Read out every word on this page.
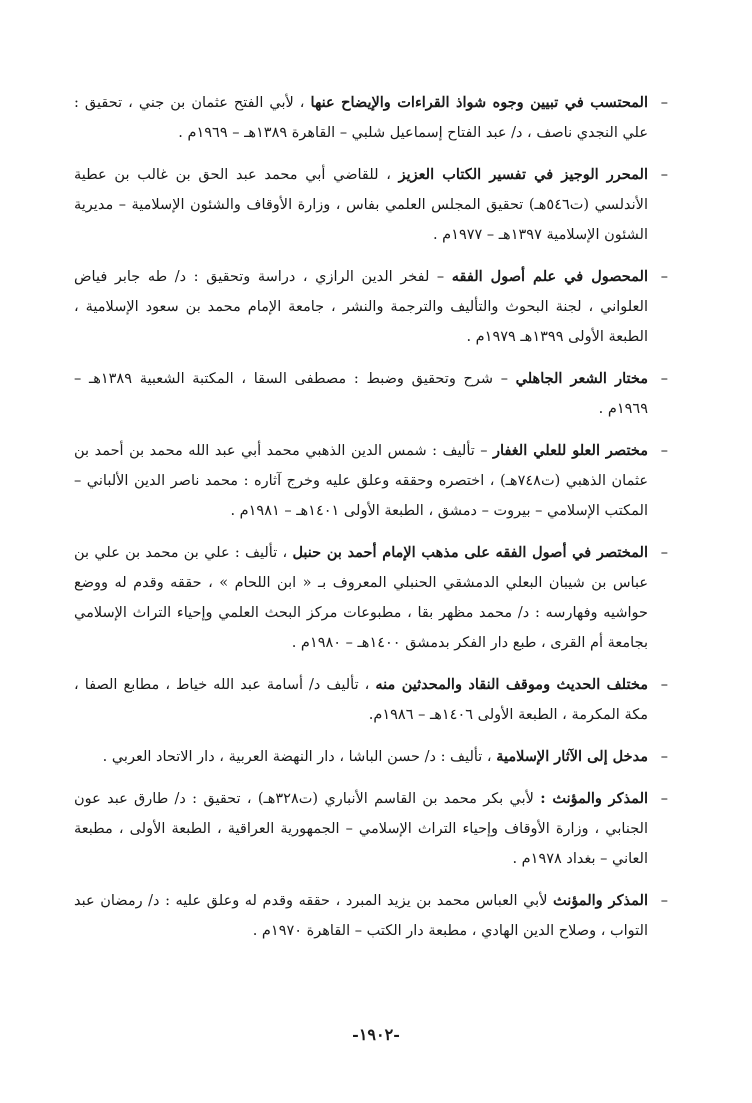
– المحتسب في تبيين وجوه شواذ القراءات والإيضاح عنها ، لأبي الفتح عثمان بن جني ، تحقيق : علي النجدي ناصف ، د/ عبد الفتاح إسماعيل شلبي – القاهرة ١٣٨٩هـ – ١٩٦٩م .
– المحرر الوجيز في تفسير الكتاب العزيز ، للقاضي أبي محمد عبد الحق بن غالب بن عطية الأندلسي (ت٥٤٦هـ) تحقيق المجلس العلمي بفاس ، وزارة الأوقاف والشئون الإسلامية – مديرية الشئون الإسلامية ١٣٩٧هـ – ١٩٧٧م .
– المحصول في علم أصول الفقه – لفخر الدين الرازي ، دراسة وتحقيق : د/ طه جابر فياض العلواني ، لجنة البحوث والتأليف والترجمة والنشر ، جامعة الإمام محمد بن سعود الإسلامية ، الطبعة الأولى ١٣٩٩هـ ١٩٧٩م .
– مختار الشعر الجاهلي – شرح وتحقيق وضبط : مصطفى السقا ، المكتبة الشعبية ١٣٨٩هـ – ١٩٦٩م .
– مختصر العلو للعلي الغفار – تأليف : شمس الدين الذهبي محمد أبي عبد الله محمد بن أحمد بن عثمان الذهبي (ت٧٤٨هـ) ، اختصره وحققه وعلق عليه وخرج آثاره : محمد ناصر الدين الألباني – المكتب الإسلامي – بيروت – دمشق ، الطبعة الأولى ١٤٠١هـ – ١٩٨١م .
– المختصر في أصول الفقه على مذهب الإمام أحمد بن حنبل ، تأليف : علي بن محمد بن علي بن عباس بن شيبان البعلي الدمشقي الحنبلي المعروف بـ « ابن اللحام » ، حققه وقدم له ووضع حواشيه وفهارسه : د/ محمد مظهر بقا ، مطبوعات مركز البحث العلمي وإحياء التراث الإسلامي بجامعة أم القرى ، طبع دار الفكر بدمشق ١٤٠٠هـ – ١٩٨٠م .
– مختلف الحديث وموقف النقاد والمحدثين منه ، تأليف د/ أسامة عبد الله خياط ، مطابع الصفا ، مكة المكرمة ، الطبعة الأولى ١٤٠٦هـ – ١٩٨٦م.
– مدخل إلى الآثار الإسلامية ، تأليف : د/ حسن الباشا ، دار النهضة العربية ، دار الاتحاد العربي .
– المذكر والمؤنث : لأبي بكر محمد بن القاسم الأنباري (ت٣٢٨هـ) ، تحقيق : د/ طارق عبد عون الجنابي ، وزارة الأوقاف وإحياء التراث الإسلامي – الجمهورية العراقية ، الطبعة الأولى ، مطبعة العاني – بغداد ١٩٧٨م .
– المذكر والمؤنث لأبي العباس محمد بن يزيد المبرد ، حققه وقدم له وعلق عليه : د/ رمضان عبد التواب ، وصلاح الدين الهادي ، مطبعة دار الكتب – القاهرة ١٩٧٠م .
-١٩٠٢-
